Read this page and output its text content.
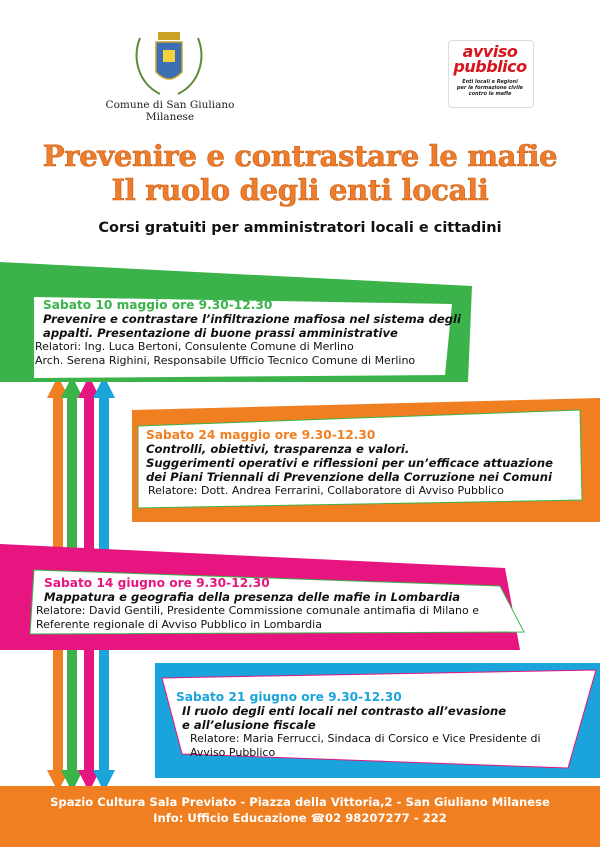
Comune di San Giuliano Milanese
avviso
pubblico
Enti locali e Regioni
per la formazione civile
contro le mafie
Prevenire e contrastare le mafie
Il ruolo degli enti locali
Corsi gratuiti per amministratori locali e cittadini
Sabato 10 maggio ore 9.30-12.30
Prevenire e contrastare l’infiltrazione mafiosa nel sistema degli
appalti. Presentazione di buone prassi amministrative
Relatori: Ing. Luca Bertoni, Consulente Comune di Merlino
Arch. Serena Righini, Responsabile Ufficio Tecnico Comune di Merlino
Sabato 24 maggio ore 9.30-12.30
Controlli, obiettivi, trasparenza e valori.
Suggerimenti operativi e riflessioni per un’efficace attuazione
dei Piani Triennali di Prevenzione della Corruzione nei Comuni
Relatore: Dott. Andrea Ferrarini, Collaboratore di Avviso Pubblico
Sabato 14 giugno ore 9.30-12.30
Mappatura e geografia della presenza delle mafie in Lombardia
Relatore: David Gentili, Presidente Commissione comunale antimafia di Milano e
Referente regionale di Avviso Pubblico in Lombardia
Sabato 21 giugno ore 9.30-12.30
Il ruolo degli enti locali nel contrasto all’evasione
e all’elusione fiscale
Relatore: Maria Ferrucci, Sindaca di Corsico e Vice Presidente di
Avviso Pubblico
Spazio Cultura Sala Previato - Piazza della Vittoria,2 - San Giuliano Milanese
Info: Ufficio Educazione ☎02 98207277 - 222
